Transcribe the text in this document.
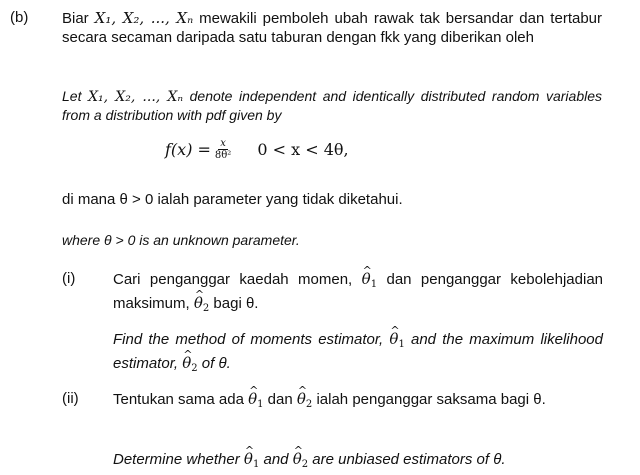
(b) Biar X₁, X₂, ..., Xₙ mewakili pemboleh ubah rawak tak bersandar dan tertabur secara secaman daripada satu taburan dengan fkk yang diberikan oleh
Let X₁, X₂, ..., Xₙ denote independent and identically distributed random variables from a distribution with pdf given by
$f(x) = \frac{x}{\text{8θ²}} 0 < x < 4\theta$,
di mana θ > 0 ialah parameter yang tidak diketahui.
where θ > 0 is an unknown parameter.
(i)	Cari penganggar kaedah momen, ^ $\theta_1$ dan penganggar kebolehjadian maksimum, ^ $\theta_2$ bagi θ.
Find the method of moments estimator, ^ $\theta_1$ and the maximum likelihood estimator, ^ $\theta_2$ of θ.
(ii) Tentukan sama ada ^ $\theta_1$ dan ^ $\theta_2$ ialah penganggar saksama bagi θ.
Determine whether ^ $\theta_1$ and ^ $\theta_2$ are unbiased estimators of θ.
